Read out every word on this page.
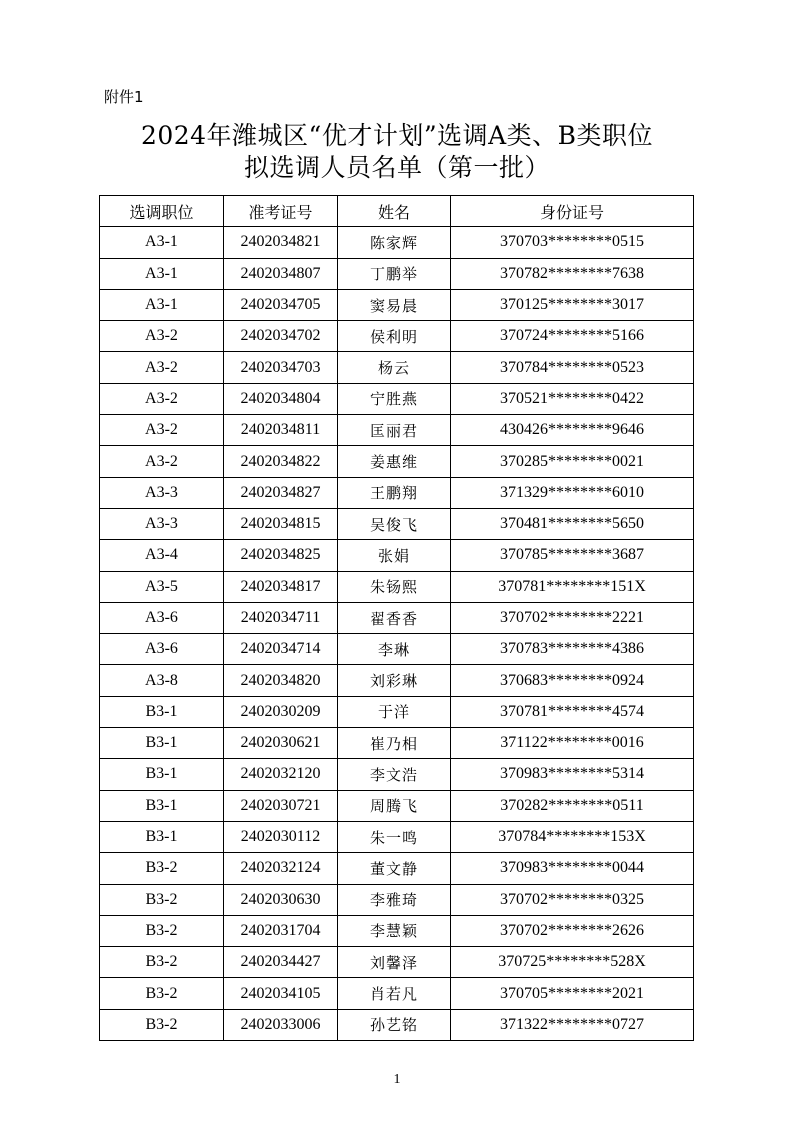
附件1
2024年潍城区“优才计划”选调A类、B类职位
拟选调人员名单（第一批）
选调职位	准考证号	姓名	身份证号
A3-1	2402034821	陈家辉	370703********0515
A3-1	2402034807	丁鹏举	370782********7638
A3-1	2402034705	窦易晨	370125********3017
A3-2	2402034702	侯利明	370724********5166
A3-2	2402034703	杨云	370784********0523
A3-2	2402034804	宁胜燕	370521********0422
A3-2	2402034811	匡丽君	430426********9646
A3-2	2402034822	姜惠维	370285********0021
A3-3	2402034827	王鹏翔	371329********6010
A3-3	2402034815	吴俊飞	370481********5650
A3-4	2402034825	张娟	370785********3687
A3-5	2402034817	朱钖熙	370781********151X
A3-6	2402034711	翟香香	370702********2221
A3-6	2402034714	李琳	370783********4386
A3-8	2402034820	刘彩琳	370683********0924
B3-1	2402030209	于洋	370781********4574
B3-1	2402030621	崔乃相	371122********0016
B3-1	2402032120	李文浩	370983********5314
B3-1	2402030721	周腾飞	370282********0511
B3-1	2402030112	朱一鸣	370784********153X
B3-2	2402032124	董文静	370983********0044
B3-2	2402030630	李雅琦	370702********0325
B3-2	2402031704	李慧颖	370702********2626
B3-2	2402034427	刘馨泽	370725********528X
B3-2	2402034105	肖若凡	370705********2021
B3-2	2402033006	孙艺铭	371322********0727
1
